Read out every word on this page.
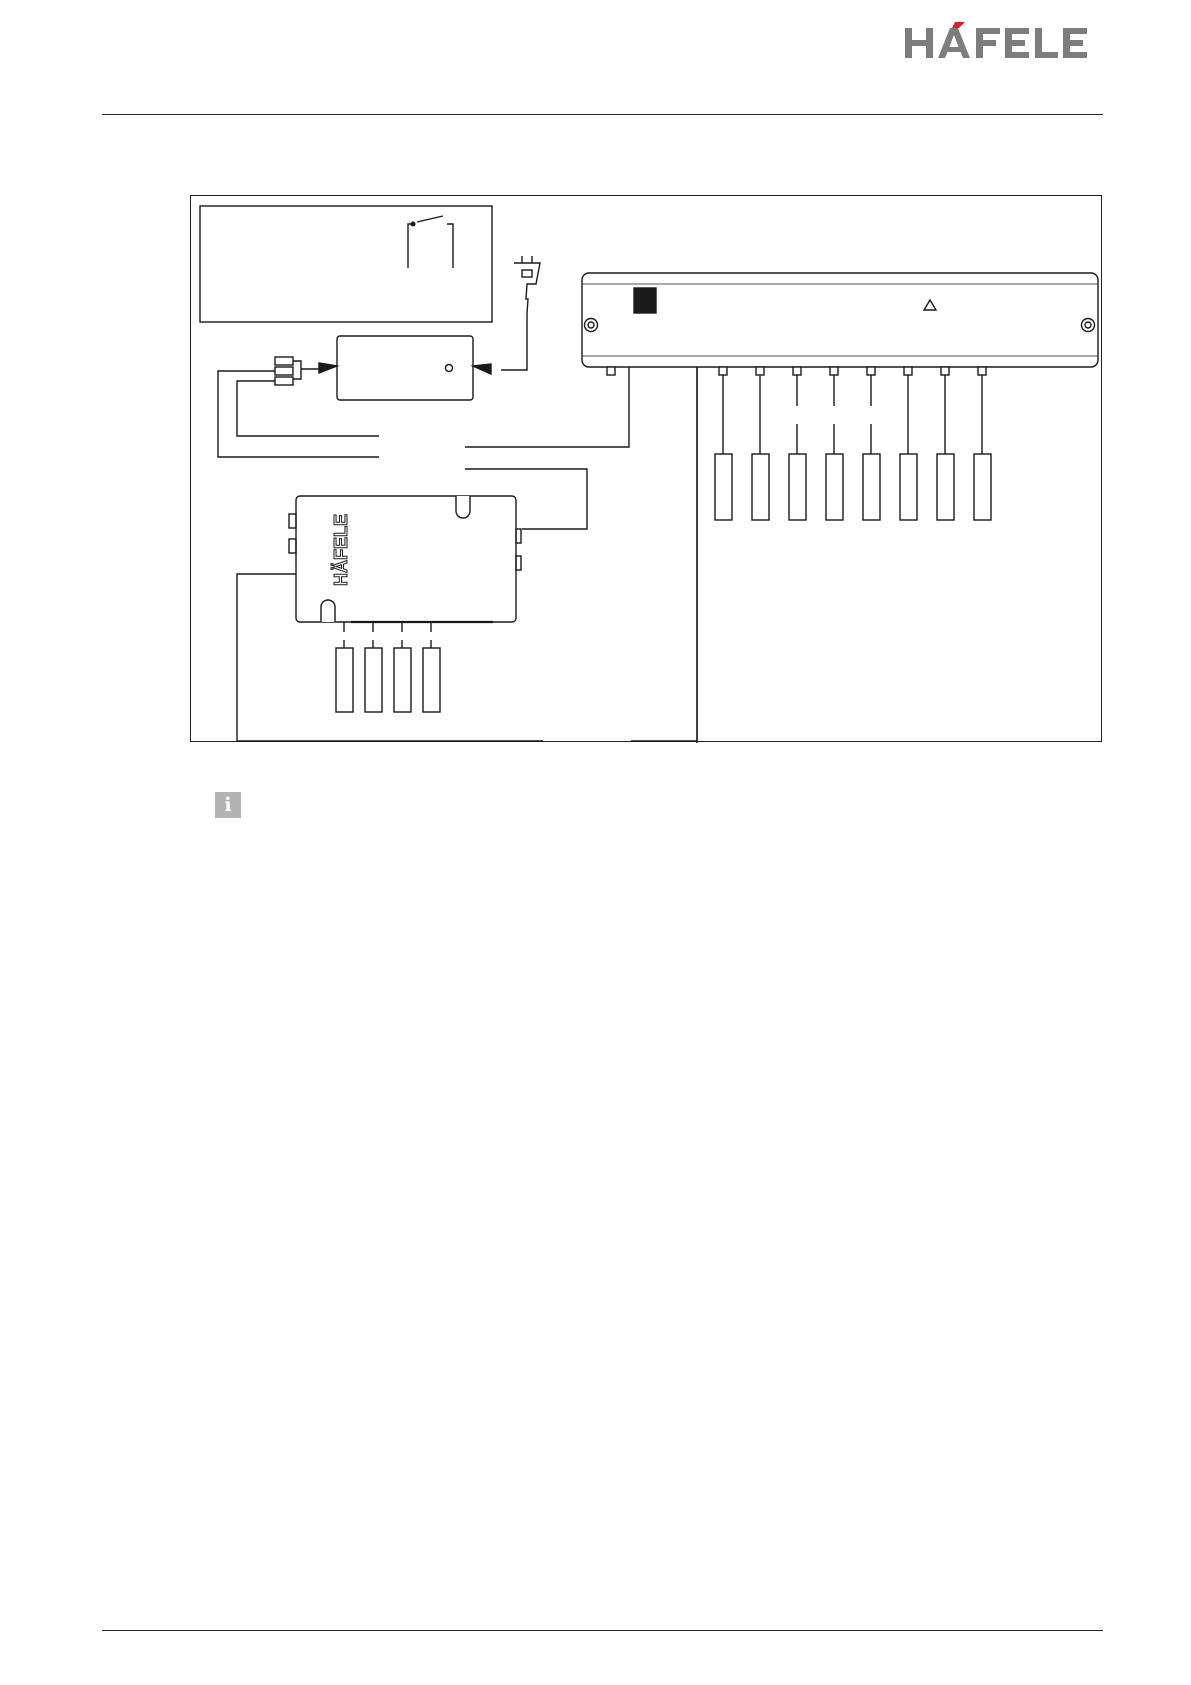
HÄFELE
i
